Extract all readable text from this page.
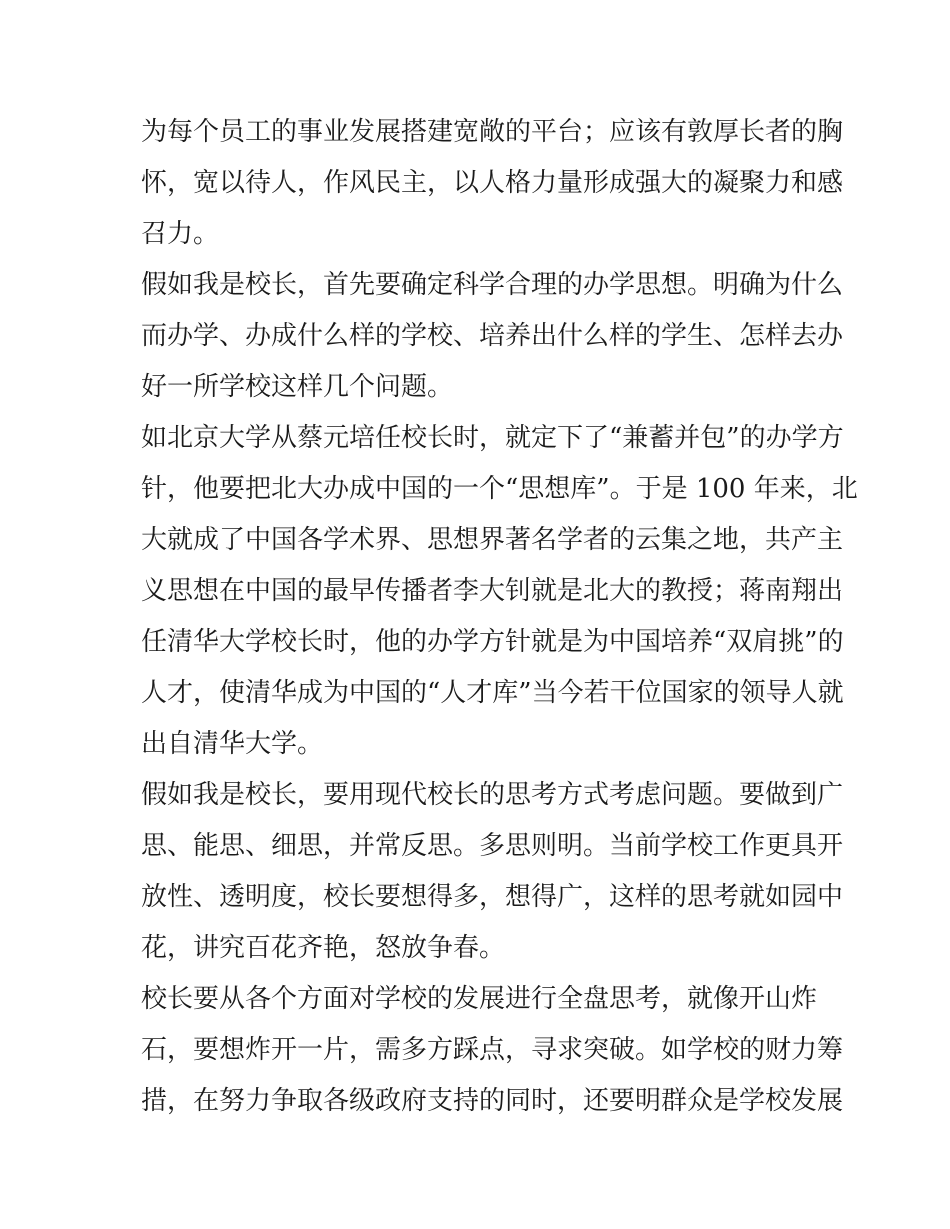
为每个员工的事业发展搭建宽敞的平台；应该有敦厚长者的胸
怀，宽以待人，作风民主，以人格力量形成强大的凝聚力和感
召力。
假如我是校长，首先要确定科学合理的办学思想。明确为什么
而办学、办成什么样的学校、培养出什么样的学生、怎样去办
好一所学校这样几个问题。
如北京大学从蔡元培任校长时，就定下了“兼蓄并包”的办学方
针，他要把北大办成中国的一个“思想库”。于是 100 年来，北
大就成了中国各学术界、思想界著名学者的云集之地，共产主
义思想在中国的最早传播者李大钊就是北大的教授；蒋南翔出
任清华大学校长时，他的办学方针就是为中国培养“双肩挑”的
人才，使清华成为中国的“人才库”当今若干位国家的领导人就
出自清华大学。
假如我是校长，要用现代校长的思考方式考虑问题。要做到广
思、能思、细思，并常反思。多思则明。当前学校工作更具开
放性、透明度，校长要想得多，想得广，这样的思考就如园中
花，讲究百花齐艳，怒放争春。
校长要从各个方面对学校的发展进行全盘思考，就像开山炸
石，要想炸开一片，需多方踩点，寻求突破。如学校的财力筹
措，在努力争取各级政府支持的同时，还要明群众是学校发展
